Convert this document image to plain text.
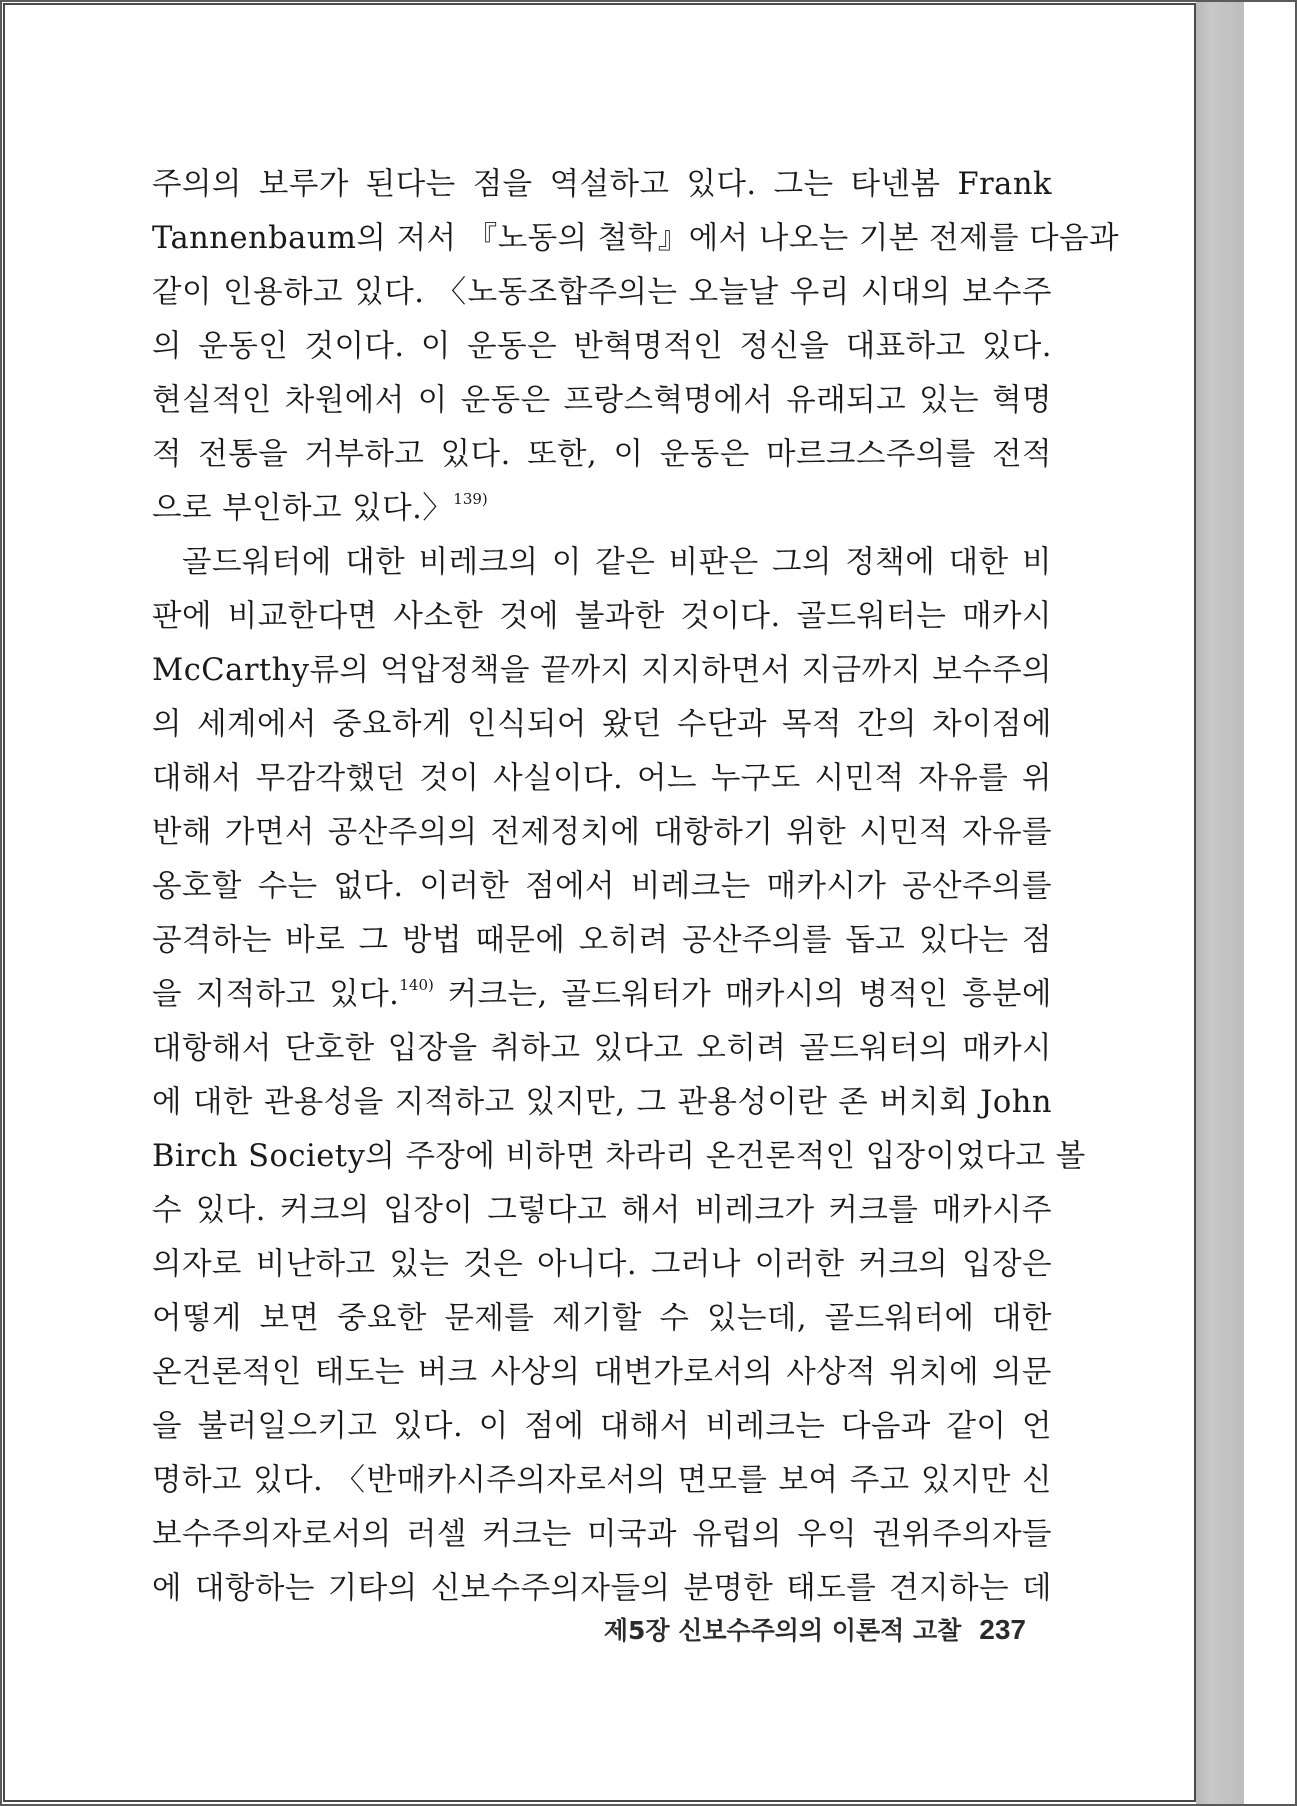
주의의 보루가 된다는 점을 역설하고 있다. 그는 타넨봄 Frank
Tannenbaum의 저서 『노동의 철학』에서 나오는 기본 전제를 다음과
같이 인용하고 있다. 〈노동조합주의는 오늘날 우리 시대의 보수주
의 운동인 것이다. 이 운동은 반혁명적인 정신을 대표하고 있다.
현실적인 차원에서 이 운동은 프랑스혁명에서 유래되고 있는 혁명
적 전통을 거부하고 있다. 또한, 이 운동은 마르크스주의를 전적
으로 부인하고 있다.〉$^{139)}$
골드워터에 대한 비레크의 이 같은 비판은 그의 정책에 대한 비
판에 비교한다면 사소한 것에 불과한 것이다. 골드워터는 매카시
McCarthy류의 억압정책을 끝까지 지지하면서 지금까지 보수주의
의 세계에서 중요하게 인식되어 왔던 수단과 목적 간의 차이점에
대해서 무감각했던 것이 사실이다. 어느 누구도 시민적 자유를 위
반해 가면서 공산주의의 전제정치에 대항하기 위한 시민적 자유를
옹호할 수는 없다. 이러한 점에서 비레크는 매카시가 공산주의를
공격하는 바로 그 방법 때문에 오히려 공산주의를 돕고 있다는 점
을 지적하고 있다.$^{140)}$ 커크는, 골드워터가 매카시의 병적인 흥분에
대항해서 단호한 입장을 취하고 있다고 오히려 골드워터의 매카시
에 대한 관용성을 지적하고 있지만, 그 관용성이란 존 버치회 John
Birch Society의 주장에 비하면 차라리 온건론적인 입장이었다고 볼
수 있다. 커크의 입장이 그렇다고 해서 비레크가 커크를 매카시주
의자로 비난하고 있는 것은 아니다. 그러나 이러한 커크의 입장은
어떻게 보면 중요한 문제를 제기할 수 있는데, 골드워터에 대한
온건론적인 태도는 버크 사상의 대변가로서의 사상적 위치에 의문
을 불러일으키고 있다. 이 점에 대해서 비레크는 다음과 같이 언
명하고 있다. 〈반매카시주의자로서의 면모를 보여 주고 있지만 신
보수주의자로서의 러셀 커크는 미국과 유럽의 우익 권위주의자들
에 대항하는 기타의 신보수주의자들의 분명한 태도를 견지하는 데
제5장 신보수주의의 이론적 고찰 237
